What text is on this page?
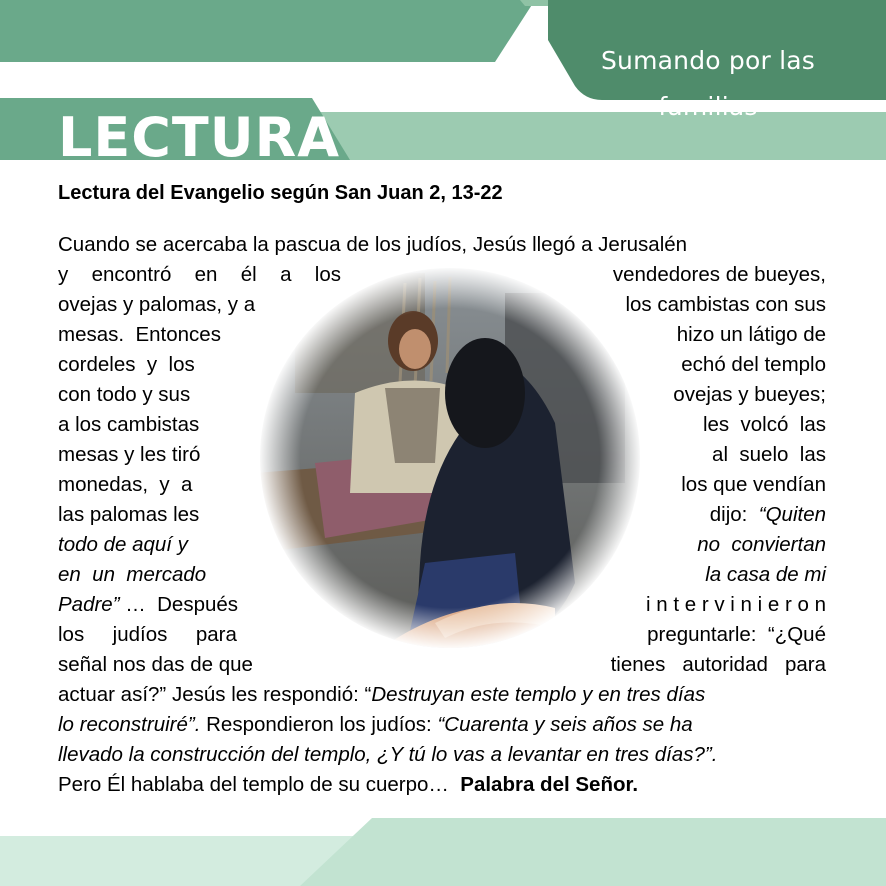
Sumando por las familias
LECTURA
Lectura del Evangelio según San Juan 2, 13-22
Cuando se acercaba la pascua de los judíos, Jesús llegó a Jerusalén
y encontró en él a los	vendedores de bueyes,
ovejas y palomas, y a	los cambistas con sus
mesas.  Entonces	hizo un látigo de
cordeles  y  los	echó del templo
con todo y sus	ovejas y bueyes;
a los cambistas	les  volcó  las
mesas y les tiró	al  suelo  las
monedas,  y  a	los que vendían
las palomas les	dijo:  “Quiten
todo de aquí y	no  conviertan
en  un  mercado	la casa de mi
Padre” …  Después	i n t e r v i n i e r o n
los     judíos     para	preguntarle:  “¿Qué
señal nos das de que	tienes   autoridad   para
actuar así?” Jesús les respondió: “Destruyan este templo y en tres días
lo reconstruiré”. Respondieron los judíos: “Cuarenta y seis años se ha
llevado la construcción del templo, ¿Y tú lo vas a levantar en tres días?”.
Pero Él hablaba del templo de su cuerpo…  Palabra del Señor.
